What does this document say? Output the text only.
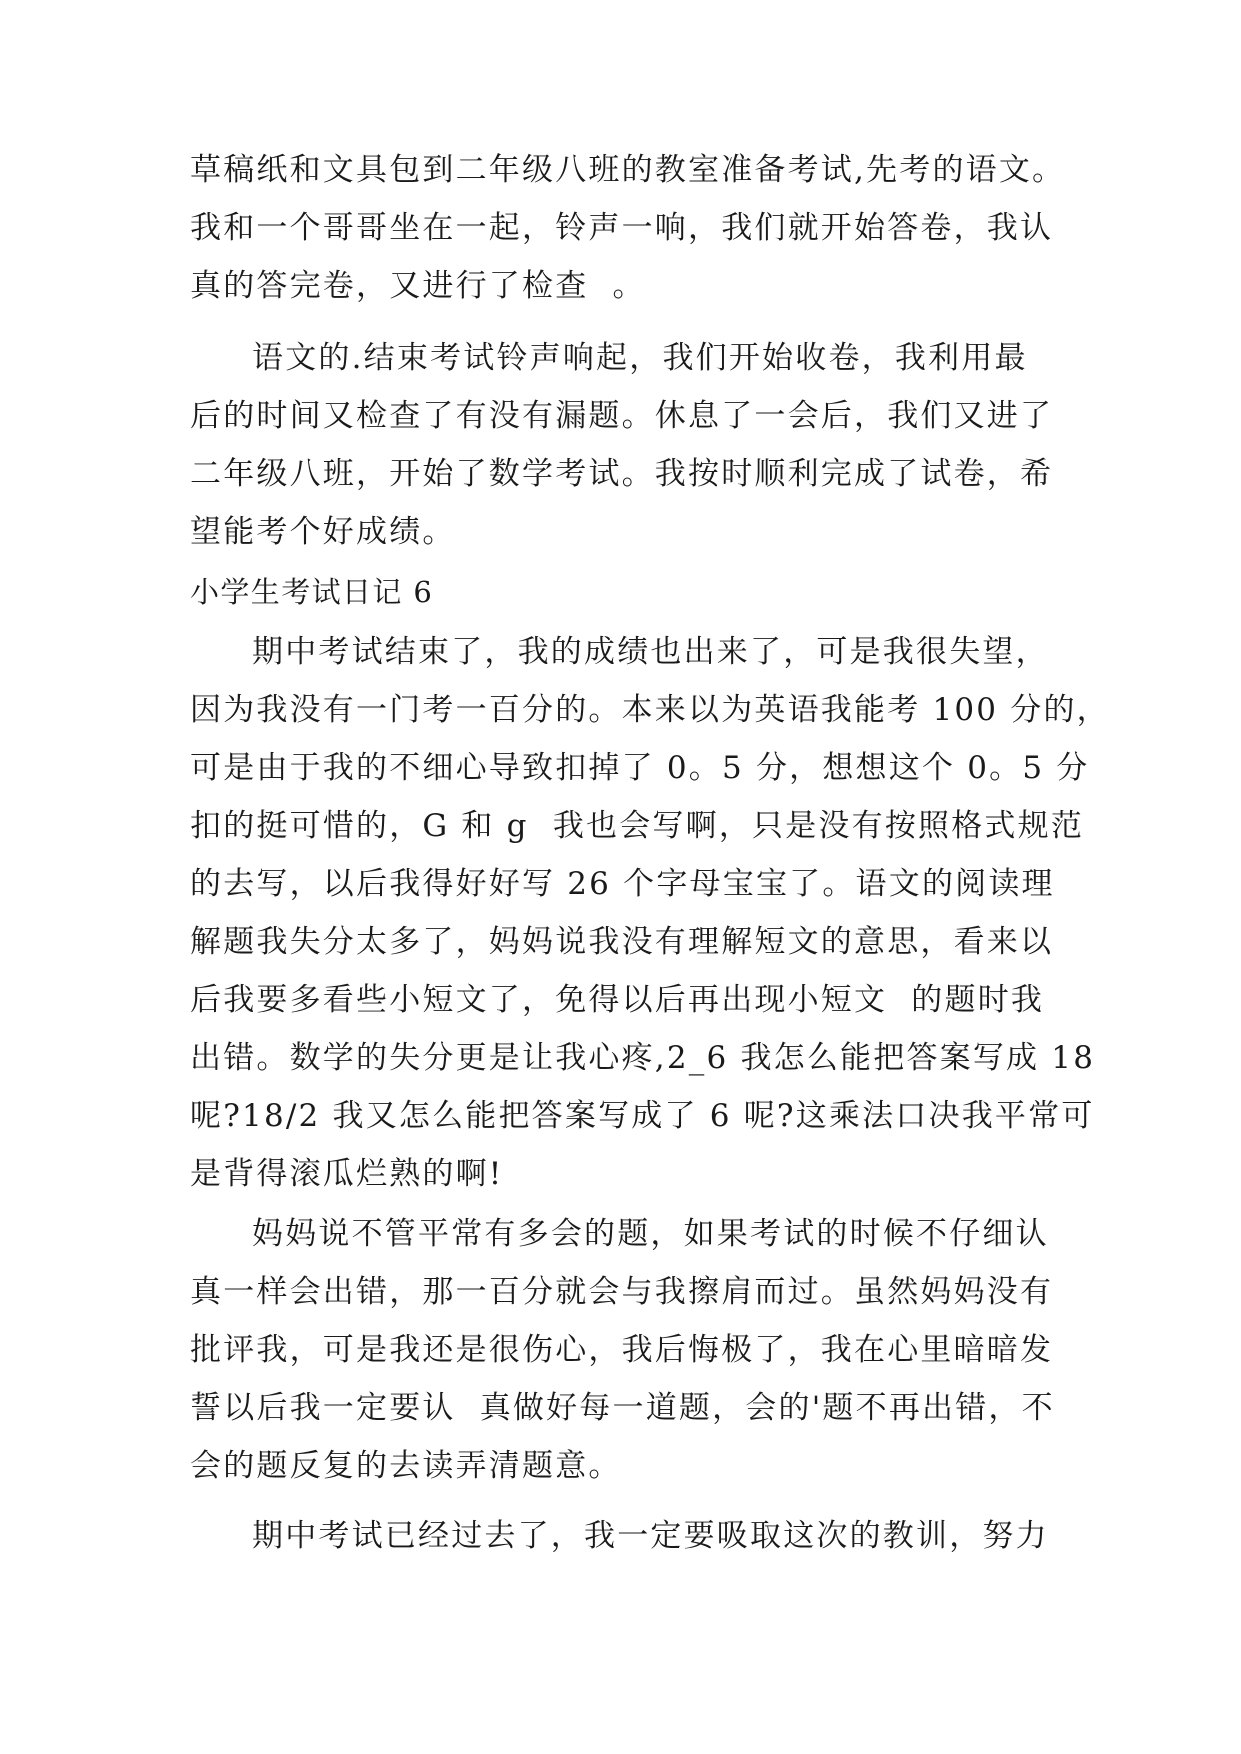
草稿纸和文具包到二年级八班的教室准备考试,先考的语文。
我和一个哥哥坐在一起，铃声一响，我们就开始答卷，我认
真的答完卷，又进行了检查  。
语文的.结束考试铃声响起，我们开始收卷，我利用最
后的时间又检查了有没有漏题。休息了一会后，我们又进了
二年级八班，开始了数学考试。我按时顺利完成了试卷，希
望能考个好成绩。
小学生考试日记 6
期中考试结束了，我的成绩也出来了，可是我很失望，
因为我没有一门考一百分的。本来以为英语我能考 100 分的，
可是由于我的不细心导致扣掉了 0。5 分，想想这个 0。5 分
扣的挺可惜的，G 和 g  我也会写啊，只是没有按照格式规范
的去写，以后我得好好写 26 个字母宝宝了。语文的阅读理
解题我失分太多了，妈妈说我没有理解短文的意思，看来以
后我要多看些小短文了，免得以后再出现小短文  的题时我
出错。数学的失分更是让我心疼,2_6 我怎么能把答案写成 18
呢?18/2 我又怎么能把答案写成了 6 呢?这乘法口决我平常可
是背得滚瓜烂熟的啊!
妈妈说不管平常有多会的题，如果考试的时候不仔细认
真一样会出错，那一百分就会与我擦肩而过。虽然妈妈没有
批评我，可是我还是很伤心，我后悔极了，我在心里暗暗发
誓以后我一定要认  真做好每一道题，会的'题不再出错，不
会的题反复的去读弄清题意。
期中考试已经过去了，我一定要吸取这次的教训，努力
